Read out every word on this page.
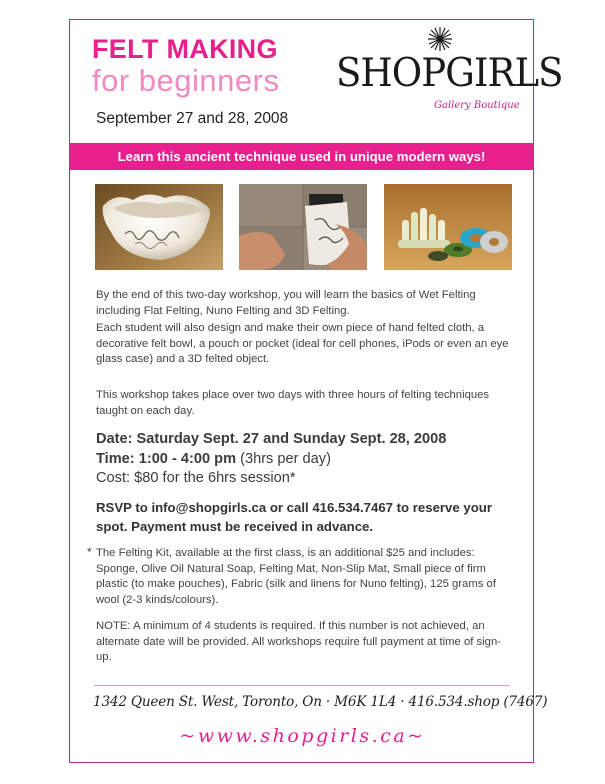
FELT MAKING
for beginners
September 27 and 28, 2008
SHOPGIRLS
Gallery Boutique
Learn this ancient technique used in unique modern ways!
By the end of this two-day workshop, you will learn the basics of Wet Felting including Flat Felting, Nuno Felting and 3D Felting.
Each student will also design and make their own piece of hand felted cloth, a decorative felt bowl, a pouch or pocket (ideal for cell phones, iPods or even an eye glass case) and a 3D felted object.
This workshop takes place over two days with three hours of felting techniques taught on each day.
Date: Saturday Sept. 27 and Sunday Sept. 28, 2008
Time: 1:00 - 4:00 pm (3hrs per day)
Cost: $80 for the 6hrs session*
RSVP to info@shopgirls.ca or call 416.534.7467 to reserve your spot. Payment must be received in advance.
* The Felting Kit, available at the first class, is an additional $25 and includes: Sponge, Olive Oil Natural Soap, Felting Mat, Non-Slip Mat, Small piece of firm plastic (to make pouches), Fabric (silk and linens for Nuno felting), 125 grams of wool (2-3 kinds/colours).
NOTE: A minimum of 4 students is required. If this number is not achieved, an alternate date will be provided. All workshops require full payment at time of sign-up.
1342 Queen St. West, Toronto, On · M6K 1L4 · 416.534.shop (7467)
~www.shopgirls.ca~
